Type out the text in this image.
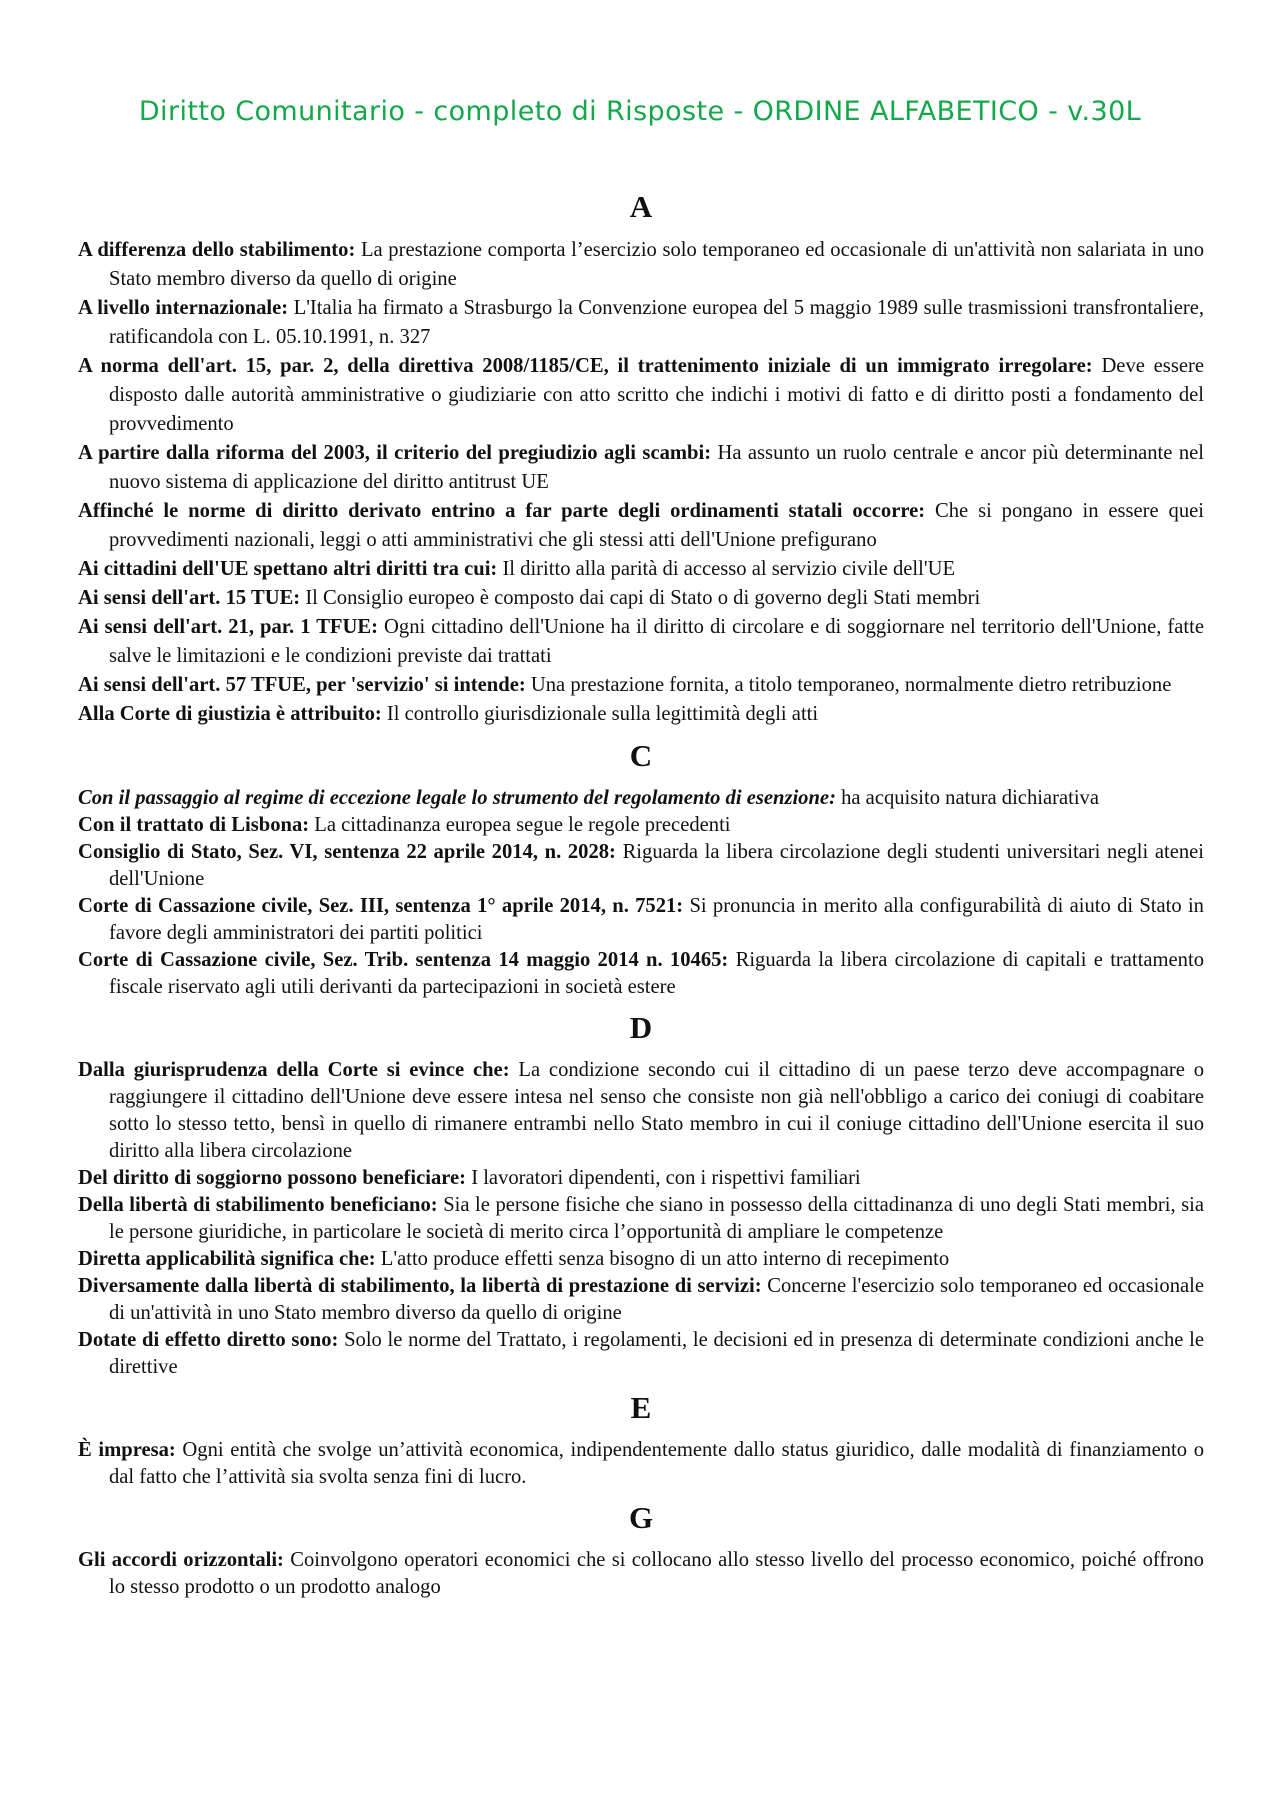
Diritto Comunitario - completo di Risposte - ORDINE ALFABETICO - v.30L
A

A differenza dello stabilimento: La prestazione comporta l’esercizio solo temporaneo ed occasionale di un'attività non salariata in uno Stato membro diverso da quello di origine

A livello internazionale: L'Italia ha firmato a Strasburgo la Convenzione europea del 5 maggio 1989 sulle trasmissioni transfrontaliere, ratificandola con L. 05.10.1991, n. 327

A norma dell'art. 15, par. 2, della direttiva 2008/1185/CE, il trattenimento iniziale di un immigrato irregolare: Deve essere disposto dalle autorità amministrative o giudiziarie con atto scritto che indichi i motivi di fatto e di diritto posti a fondamento del provvedimento

A partire dalla riforma del 2003, il criterio del pregiudizio agli scambi: Ha assunto un ruolo centrale e ancor più determinante nel nuovo sistema di applicazione del diritto antitrust UE

Affinché le norme di diritto derivato entrino a far parte degli ordinamenti statali occorre: Che si pongano in essere quei provvedimenti nazionali, leggi o atti amministrativi che gli stessi atti dell'Unione prefigurano

Ai cittadini dell'UE spettano altri diritti tra cui: Il diritto alla parità di accesso al servizio civile dell'UE

Ai sensi dell'art. 15 TUE: Il Consiglio europeo è composto dai capi di Stato o di governo degli Stati membri

Ai sensi dell'art. 21, par. 1 TFUE: Ogni cittadino dell'Unione ha il diritto di circolare e di soggiornare nel territorio dell'Unione, fatte salve le limitazioni e le condizioni previste dai trattati

Ai sensi dell'art. 57 TFUE, per 'servizio' si intende: Una prestazione fornita, a titolo temporaneo, normalmente dietro retribuzione

Alla Corte di giustizia è attribuito: Il controllo giurisdizionale sulla legittimità degli atti

C

Con il passaggio al regime di eccezione legale lo strumento del regolamento di esenzione: ha acquisito natura dichiarativa

Con il trattato di Lisbona: La cittadinanza europea segue le regole precedenti

Consiglio di Stato, Sez. VI, sentenza 22 aprile 2014, n. 2028: Riguarda la libera circolazione degli studenti universitari negli atenei dell'Unione

Corte di Cassazione civile, Sez. III, sentenza 1° aprile 2014, n. 7521: Si pronuncia in merito alla configurabilità di aiuto di Stato in favore degli amministratori dei partiti politici

Corte di Cassazione civile, Sez. Trib. sentenza 14 maggio 2014 n. 10465: Riguarda la libera circolazione di capitali e trattamento fiscale riservato agli utili derivanti da partecipazioni in società estere

D

Dalla giurisprudenza della Corte si evince che: La condizione secondo cui il cittadino di un paese terzo deve accompagnare o raggiungere il cittadino dell'Unione deve essere intesa nel senso che consiste non già nell'obbligo a carico dei coniugi di coabitare sotto lo stesso tetto, bensì in quello di rimanere entrambi nello Stato membro in cui il coniuge cittadino dell'Unione esercita il suo diritto alla libera circolazione

Del diritto di soggiorno possono beneficiare: I lavoratori dipendenti, con i rispettivi familiari

Della libertà di stabilimento beneficiano: Sia le persone fisiche che siano in possesso della cittadinanza di uno degli Stati membri, sia le persone giuridiche, in particolare le società di merito circa l’opportunità di ampliare le competenze

Diretta applicabilità significa che: L'atto produce effetti senza bisogno di un atto interno di recepimento

Diversamente dalla libertà di stabilimento, la libertà di prestazione di servizi: Concerne l'esercizio solo temporaneo ed occasionale di un'attività in uno Stato membro diverso da quello di origine

Dotate di effetto diretto sono: Solo le norme del Trattato, i regolamenti, le decisioni ed in presenza di determinate condizioni anche le direttive

E

È impresa: Ogni entità che svolge un’attività economica, indipendentemente dallo status giuridico, dalle modalità di finanziamento o dal fatto che l’attività sia svolta senza fini di lucro.

G

Gli accordi orizzontali: Coinvolgono operatori economici che si collocano allo stesso livello del processo economico, poiché offrono lo stesso prodotto o un prodotto analogo
